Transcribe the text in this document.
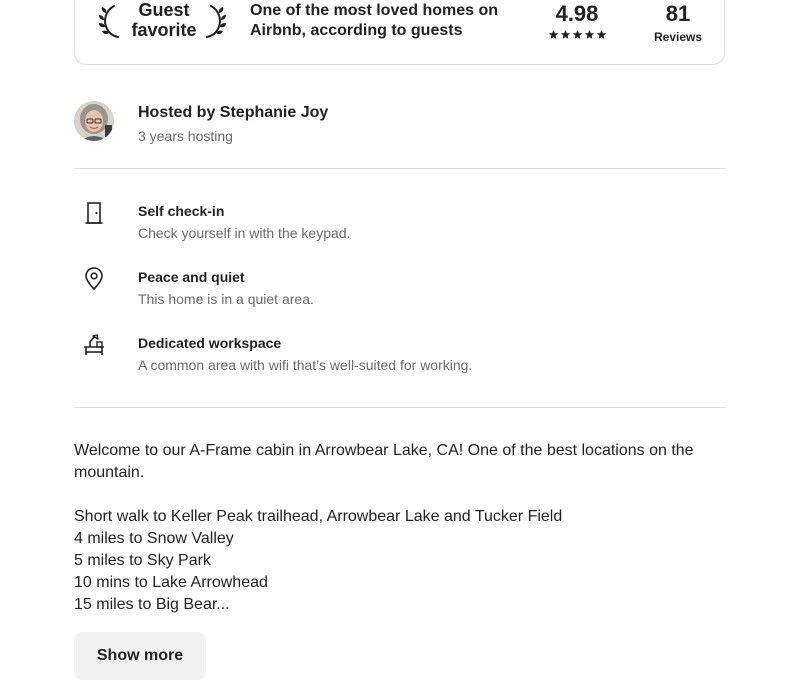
Guest
favorite
One of the most loved homes on Airbnb, according to guests
4.98	81
Reviews
Hosted by Stephanie Joy
3 years hosting
Self check-in
Check yourself in with the keypad.
Peace and quiet
This home is in a quiet area.
Dedicated workspace
A common area with wifi that’s well-suited for working.

Welcome to our A-Frame cabin in Arrowbear Lake, CA! One of the best locations on the mountain.

Short walk to Keller Peak trailhead, Arrowbear Lake and Tucker Field

4 miles to Snow Valley

5 miles to Sky Park

10 mins to Lake Arrowhead

15 miles to Big Bear...

Show more
